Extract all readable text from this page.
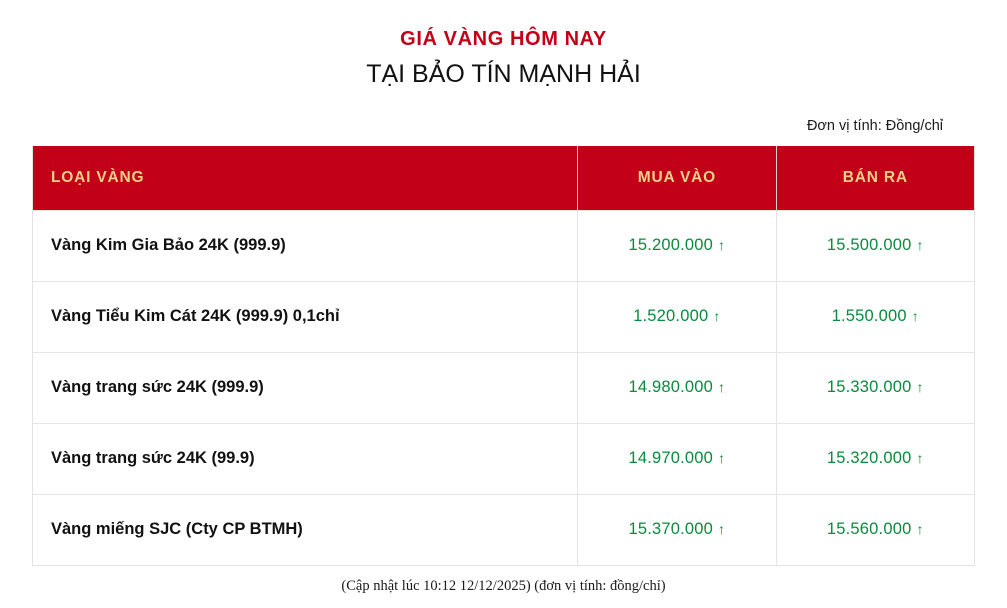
GIÁ VÀNG HÔM NAY
TẠI BẢO TÍN MẠNH HẢI
Đơn vị tính: Đồng/chỉ
LOẠI VÀNG	MUA VÀO	BÁN RA
Vàng Kim Gia Bảo 24K (999.9)	15.200.000 ↑	15.500.000 ↑
Vàng Tiểu Kim Cát 24K (999.9) 0,1chỉ	1.520.000 ↑	1.550.000 ↑
Vàng trang sức 24K (999.9)	14.980.000 ↑	15.330.000 ↑
Vàng trang sức 24K (99.9)	14.970.000 ↑	15.320.000 ↑
Vàng miếng SJC (Cty CP BTMH)	15.370.000 ↑	15.560.000 ↑
(Cập nhật lúc 10:12 12/12/2025) (đơn vị tính: đồng/chỉ)
